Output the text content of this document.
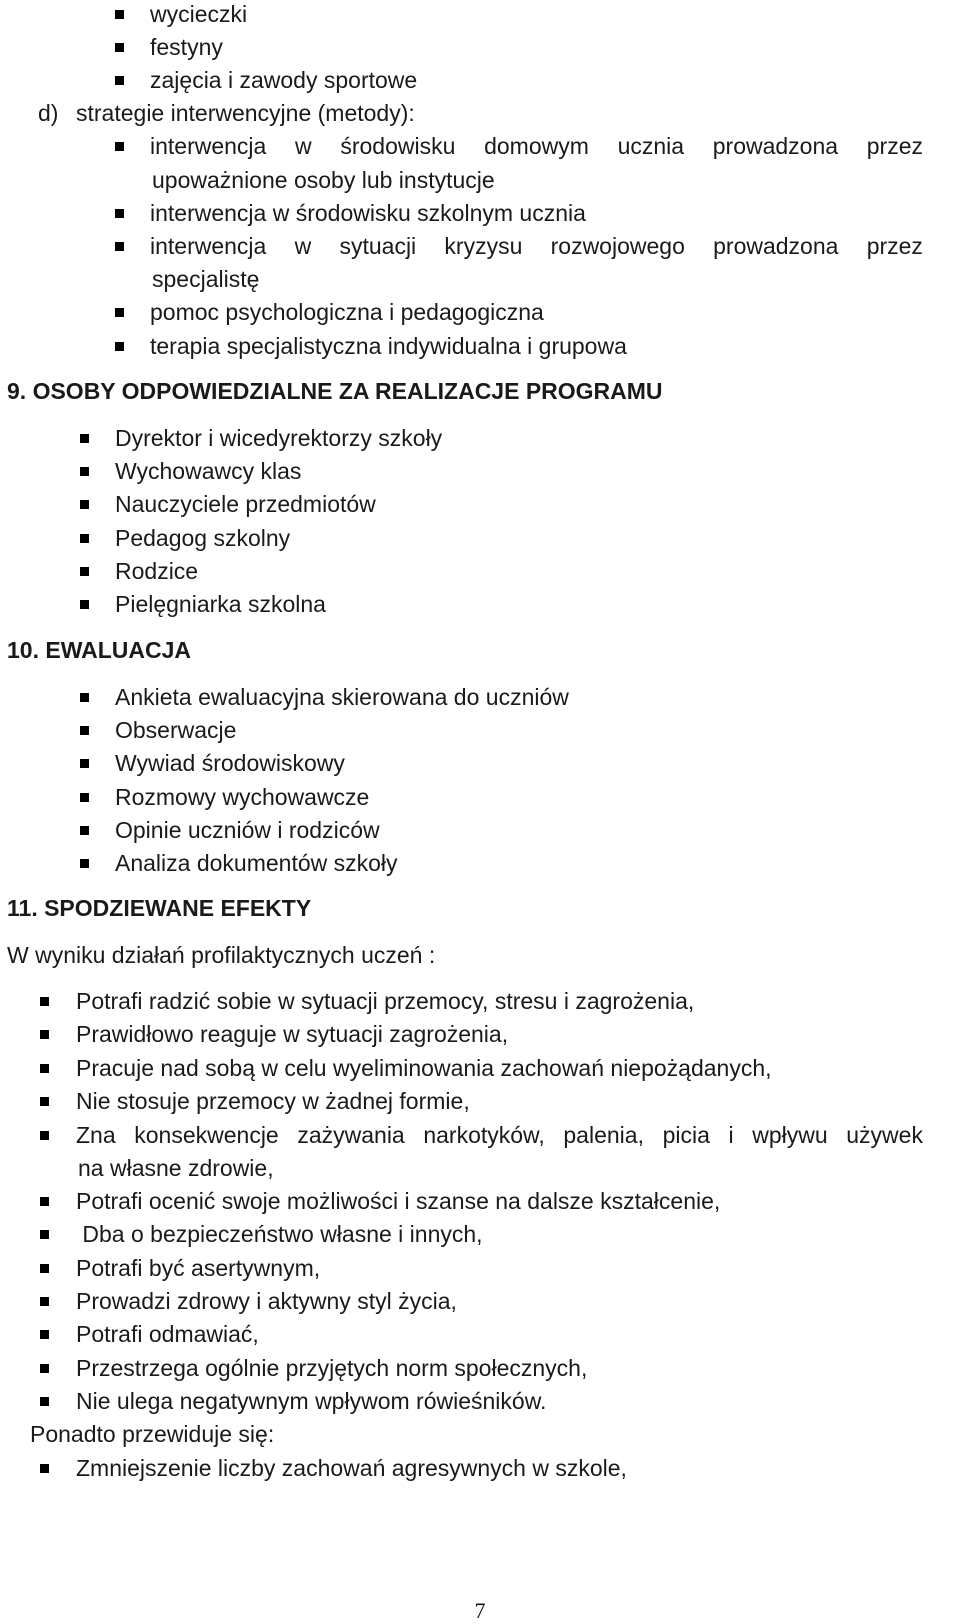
wycieczki
festyny
zajęcia i zawody sportowe
d) strategie interwencyjne (metody):
interwencja w środowisku domowym ucznia prowadzona przez
upoważnione osoby lub instytucje
interwencja w środowisku szkolnym ucznia
interwencja w sytuacji kryzysu rozwojowego prowadzona przez
specjalistę
pomoc psychologiczna i pedagogiczna
terapia specjalistyczna indywidualna i grupowa
9. OSOBY ODPOWIEDZIALNE ZA REALIZACJE PROGRAMU
Dyrektor i wicedyrektorzy szkoły
Wychowawcy klas
Nauczyciele przedmiotów
Pedagog szkolny
Rodzice
Pielęgniarka szkolna
10. EWALUACJA
Ankieta ewaluacyjna skierowana do uczniów
Obserwacje
Wywiad środowiskowy
Rozmowy wychowawcze
Opinie uczniów i rodziców
Analiza dokumentów szkoły
11. SPODZIEWANE EFEKTY
W wyniku działań profilaktycznych uczeń :
Potrafi radzić sobie w sytuacji przemocy, stresu i zagrożenia,
Prawidłowo reaguje w sytuacji zagrożenia,
Pracuje nad sobą w celu wyeliminowania zachowań niepożądanych,
Nie stosuje przemocy w żadnej formie,
Zna konsekwencje zażywania narkotyków, palenia, picia i wpływu używek
na własne zdrowie,
Potrafi ocenić swoje możliwości i szanse na dalsze kształcenie,
Dba o bezpieczeństwo własne i innych,
Potrafi być asertywnym,
Prowadzi zdrowy i aktywny styl życia,
Potrafi odmawiać,
Przestrzega ogólnie przyjętych norm społecznych,
Nie ulega negatywnym wpływom rówieśników.
Ponadto przewiduje się:
Zmniejszenie liczby zachowań agresywnych w szkole,
7
